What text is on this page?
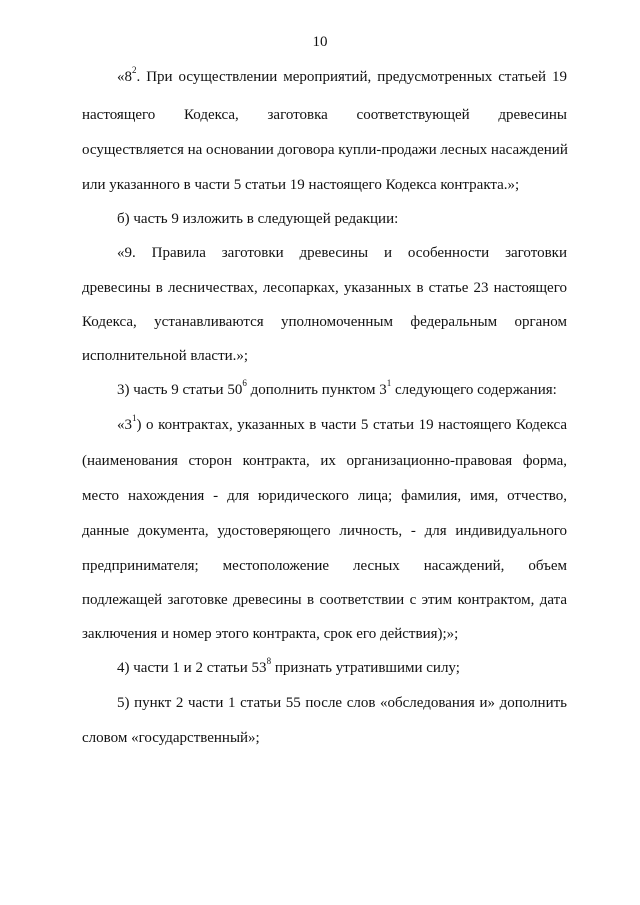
10
«$8^2$. При осуществлении мероприятий, предусмотренных статьей 19
настоящего Кодекса, заготовка соответствующей древесины
осуществляется на основании договора купли-продажи лесных насаждений
или указанного в части 5 статьи 19 настоящего Кодекса контракта.»;
б) часть 9 изложить в следующей редакции:
«9. Правила заготовки древесины и особенности заготовки
древесины в лесничествах, лесопарках, указанных в статье 23 настоящего
Кодекса, устанавливаются уполномоченным федеральным органом
исполнительной власти.»;
3) часть 9 статьи $50^6$ дополнить пунктом $3^1$ следующего содержания:
«$3^1$) о контрактах, указанных в части 5 статьи 19 настоящего Кодекса
(наименования сторон контракта, их организационно-правовая форма,
место нахождения - для юридического лица; фамилия, имя, отчество,
данные документа, удостоверяющего личность, - для индивидуального
предпринимателя; местоположение лесных насаждений, объем
подлежащей заготовке древесины в соответствии с этим контрактом, дата
заключения и номер этого контракта, срок его действия);»;
4) части 1 и 2 статьи $53^8$ признать утратившими силу;
5) пункт 2 части 1 статьи 55 после слов «обследования и» дополнить
словом «государственный»;
